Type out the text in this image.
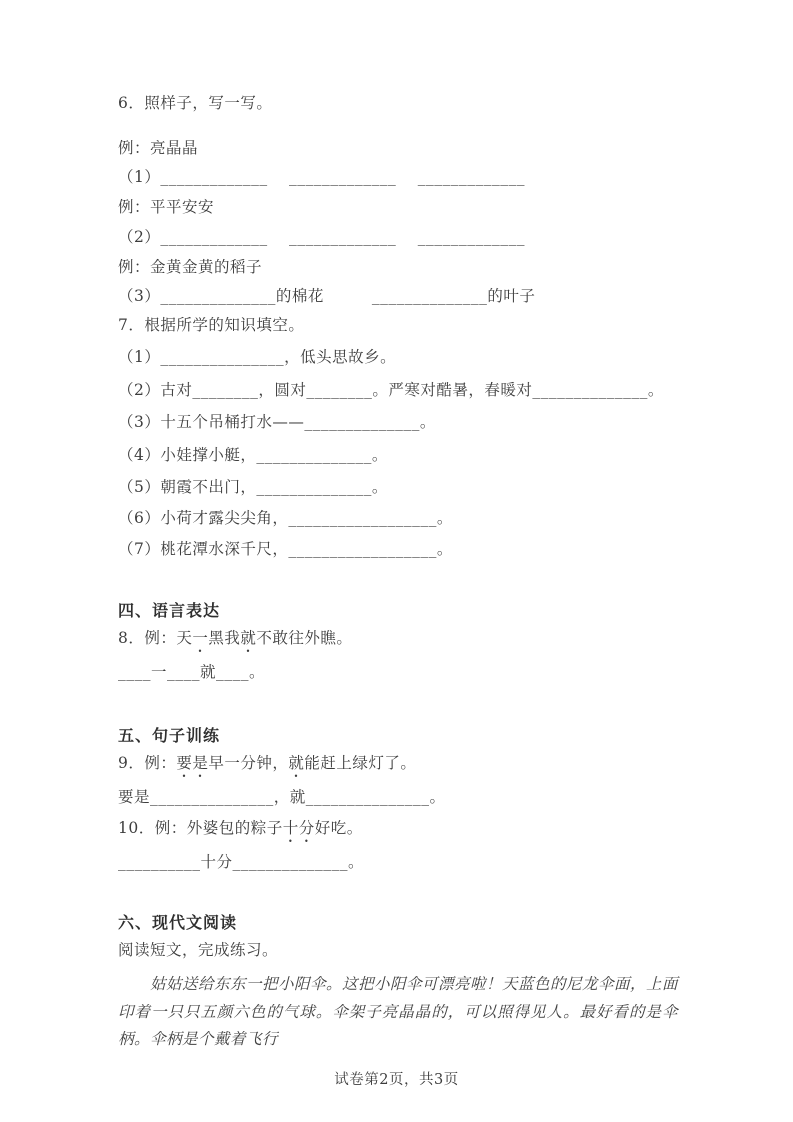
6．照样子，写一写。
例：亮晶晶
（1）_____________　 _____________　 _____________
例：平平安安
（2）_____________　 _____________　 _____________
例：金黄金黄的稻子
（3）______________的棉花　　　______________的叶子
7．根据所学的知识填空。
（1）_______________，低头思故乡。
（2）古对________，圆对________。严寒对酷暑，春暖对______________。
（3）十五个吊桶打水——______________。
（4）小娃撑小艇，______________。
（5）朝霞不出门，______________。
（6）小荷才露尖尖角，__________________。
（7）桃花潭水深千尺，__________________。
四、语言表达
8．例：天一黑我就不敢往外瞧。
____一____就____。
五、句子训练
9．例：要是早一分钟，就能赶上绿灯了。
要是_______________，就_______________。
10．例：外婆包的粽子十分好吃。
__________十分______________。
六、现代文阅读
阅读短文，完成练习。
姑姑送给东东一把小阳伞。这把小阳伞可漂亮啦！天蓝色的尼龙伞面，上面印着一只只五颜六色的气球。伞架子亮晶晶的，可以照得见人。最好看的是伞柄。伞柄是个戴着飞行
试卷第2页，共3页
